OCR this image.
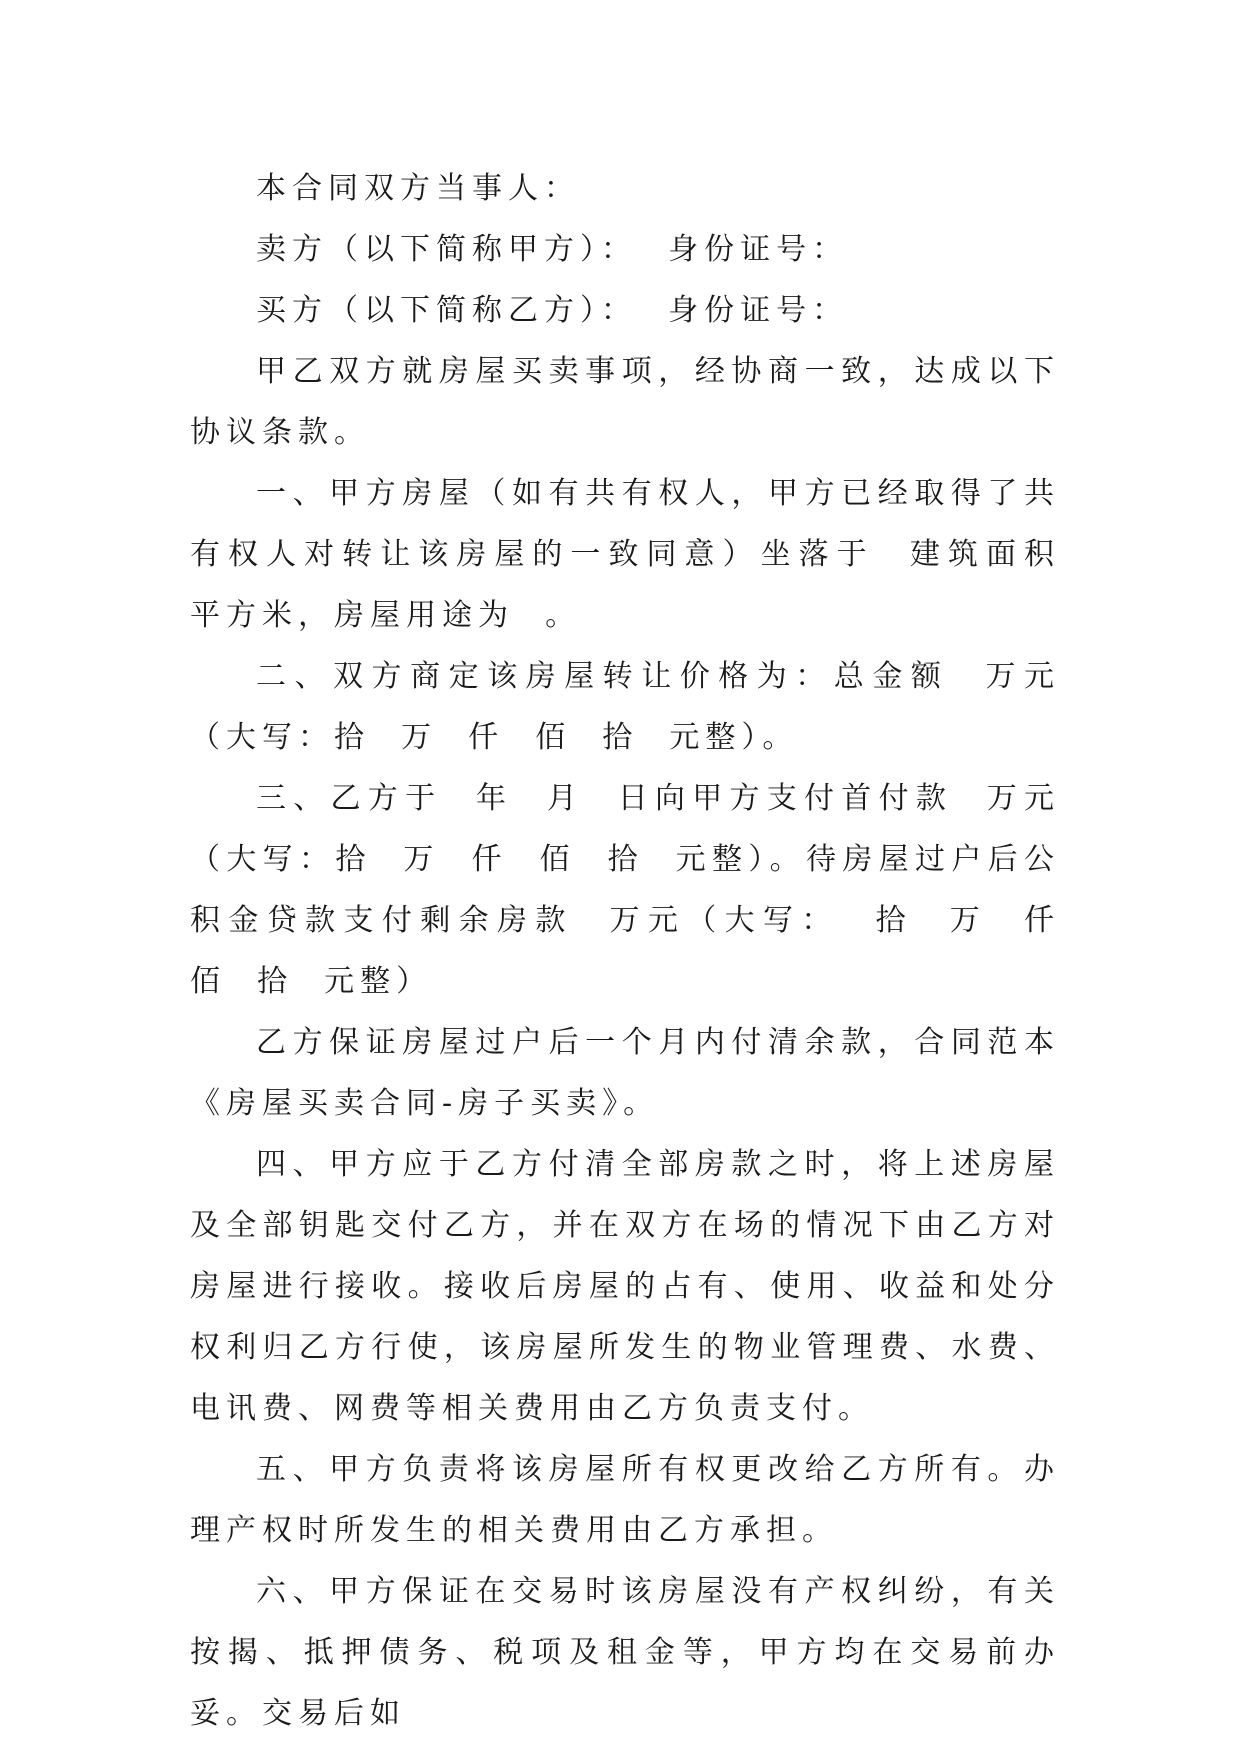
本合同双方当事人：

卖方（以下简称甲方）：  身份证号：

买方（以下简称乙方）：  身份证号：

甲乙双方就房屋买卖事项，经协商一致，达成以下协议条款。

一、甲方房屋（如有共有权人，甲方已经取得了共有权人对转让该房屋的一致同意）坐落于  建筑面积  平方米，房屋用途为  。

二、双方商定该房屋转让价格为：总金额  万元  （大写：拾  万  仟  佰  拾  元整）。

三、乙方于  年  月  日向甲方支付首付款  万元  （大写：拾  万  仟  佰  拾  元整）。待房屋过户后公积金贷款支付剩余房款  万元（大写：  拾  万  仟  佰  拾  元整）

乙方保证房屋过户后一个月内付清余款，合同范本《房屋买卖合同-房子买卖》。

四、甲方应于乙方付清全部房款之时，将上述房屋及全部钥匙交付乙方，并在双方在场的情况下由乙方对房屋进行接收。接收后房屋的占有、使用、收益和处分权利归乙方行使，该房屋所发生的物业管理费、水费、电讯费、网费等相关费用由乙方负责支付。

五、甲方负责将该房屋所有权更改给乙方所有。办理产权时所发生的相关费用由乙方承担。

六、甲方保证在交易时该房屋没有产权纠纷，有关按揭、抵押债务、税项及租金等，甲方均在交易前办妥。交易后如
